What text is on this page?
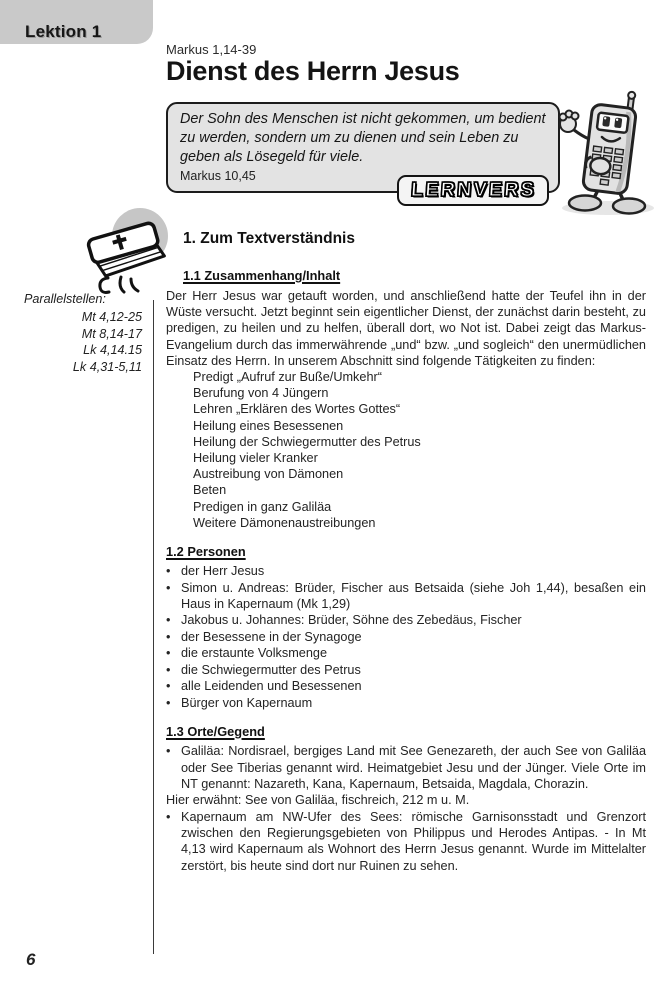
Lektion 1
Markus 1,14-39
Dienst des Herrn Jesus
Der Sohn des Menschen ist nicht gekommen, um bedient zu werden, sondern um zu dienen und sein Leben zu geben als Lösegeld für viele.
Markus 10,45
LERNVERS
1. Zum Textverständnis
1.1 Zusammenhang/Inhalt
Parallelstellen:
Mt 4,12-25
Mt 8,14-17
Lk 4,14.15
Lk 4,31-5,11

Der Herr Jesus war getauft worden, und anschließend hatte der Teufel ihn in der Wüste versucht. Jetzt beginnt sein eigentlicher Dienst, der zunächst darin besteht, zu predigen, zu heilen und zu helfen, überall dort, wo Not ist. Dabei zeigt das Markus-Evangelium durch das immerwährende „und“ bzw. „und sogleich“ den unermüdlichen Einsatz des Herrn. In unserem Abschnitt sind folgende Tätigkeiten zu finden:

Predigt „Aufruf zur Buße/Umkehr“
Berufung von 4 Jüngern
Lehren „Erklären des Wortes Gottes“
Heilung eines Besessenen
Heilung der Schwiegermutter des Petrus
Heilung vieler Kranker
Austreibung von Dämonen
Beten
Predigen in ganz Galiläa
Weitere Dämonenaustreibungen
1.2 Personen
• der Herr Jesus
• Simon u. Andreas: Brüder, Fischer aus Betsaida (siehe Joh 1,44), besaßen ein Haus in Kapernaum (Mk 1,29)
• Jakobus u. Johannes: Brüder, Söhne des Zebedäus, Fischer
• der Besessene in der Synagoge
• die erstaunte Volksmenge
• die Schwiegermutter des Petrus
• alle Leidenden und Besessenen
• Bürger von Kapernaum
1.3 Orte/Gegend
• Galiläa: Nordisrael, bergiges Land mit See Genezareth, der auch See von Galiläa oder See Tiberias genannt wird. Heimatgebiet Jesu und der Jünger. Viele Orte im NT genannt: Nazareth, Kana, Kapernaum, Betsaida, Magdala, Chorazin.

Hier erwähnt: See von Galiläa, fischreich, 212 m u. M.

• Kapernaum am NW-Ufer des Sees: römische Garnisonsstadt und Grenzort zwischen den Regierungsgebieten von Philippus und Herodes Antipas. - In Mt 4,13 wird Kapernaum als Wohnort des Herrn Jesus genannt. Wurde im Mittelalter zerstört, bis heute sind dort nur Ruinen zu sehen.
6
